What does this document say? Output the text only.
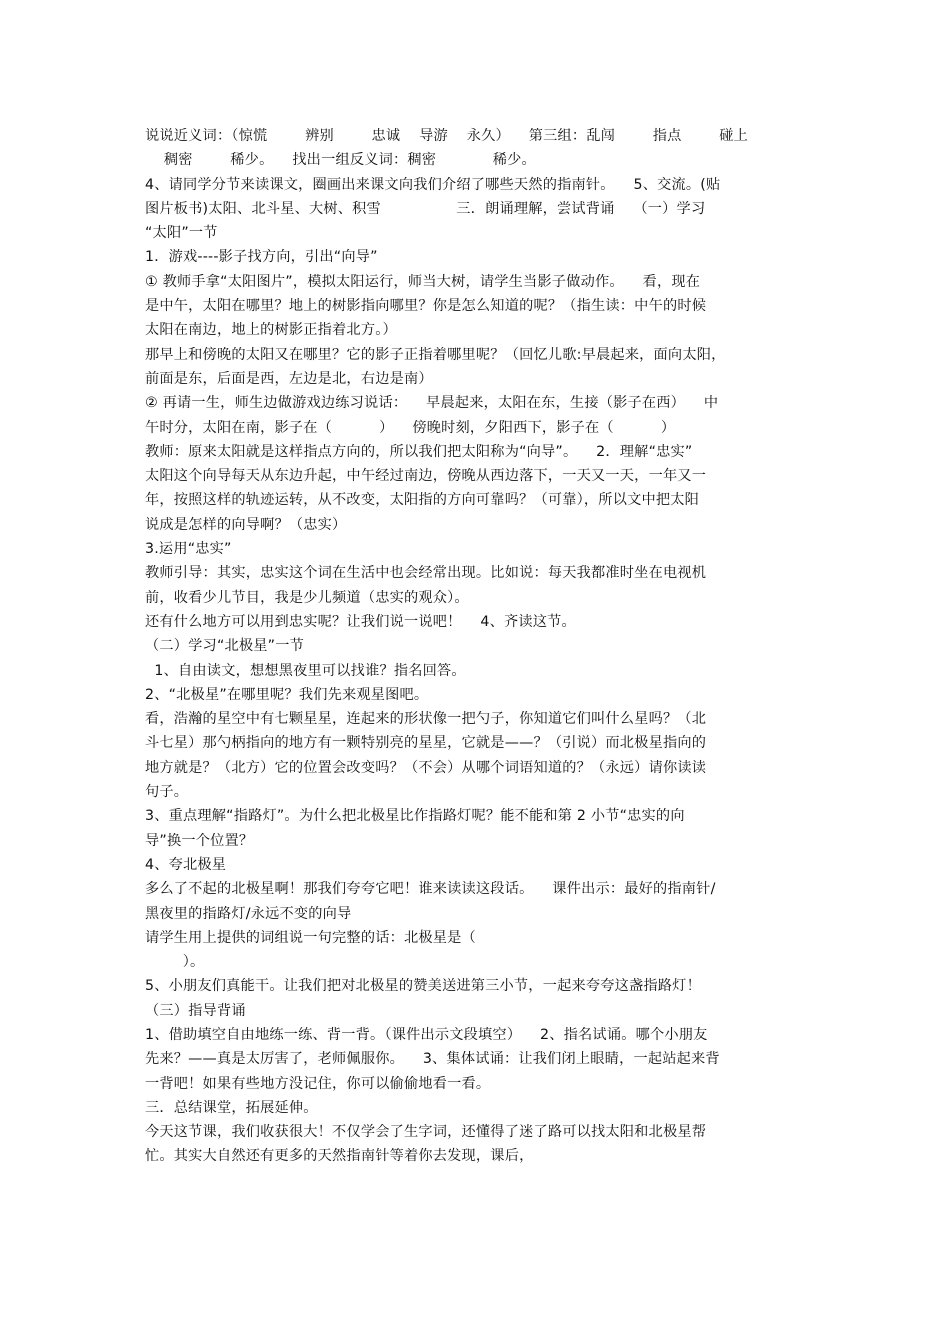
说说近义词：（惊慌        辨别        忠诚    导游    永久）    第三组：乱闯        指点        碰上

稠密        稀少。    找出一组反义词：稠密            稀少。

4、请同学分节来读课文，圈画出来课文向我们介绍了哪些天然的指南针。    5、交流。(贴

图片板书)太阳、北斗星、大树、积雪                三．朗诵理解，尝试背诵    （一）学习

“太阳”一节

1．游戏----影子找方向，引出“向导”

① 教师手拿“太阳图片”，模拟太阳运行，师当大树，请学生当影子做动作。    看，现在

是中午，太阳在哪里？地上的树影指向哪里？你是怎么知道的呢？（指生读：中午的时候

太阳在南边，地上的树影正指着北方。）

那早上和傍晚的太阳又在哪里？它的影子正指着哪里呢？（回忆儿歌:早晨起来，面向太阳，

前面是东，后面是西，左边是北，右边是南）

② 再请一生，师生边做游戏边练习说话：    早晨起来，太阳在东，生接（影子在西）    中

午时分，太阳在南，影子在（          ）    傍晚时刻，夕阳西下，影子在（          ）

教师：原来太阳就是这样指点方向的，所以我们把太阳称为“向导”。    2．理解“忠实”

太阳这个向导每天从东边升起，中午经过南边，傍晚从西边落下，一天又一天，一年又一

年，按照这样的轨迹运转，从不改变，太阳指的方向可靠吗？（可靠），所以文中把太阳

说成是怎样的向导啊？（忠实）

3.运用“忠实”

教师引导：其实，忠实这个词在生活中也会经常出现。比如说：每天我都准时坐在电视机

前，收看少儿节目，我是少儿频道（忠实的观众）。

还有什么地方可以用到忠实呢？让我们说一说吧！    4、齐读这节。

（二）学习“北极星”一节

1、自由读文，想想黑夜里可以找谁？指名回答。

2、“北极星”在哪里呢？我们先来观星图吧。

看，浩瀚的星空中有七颗星星，连起来的形状像一把勺子，你知道它们叫什么星吗？（北

斗七星）那勺柄指向的地方有一颗特别亮的星星，它就是——？（引说）而北极星指向的

地方就是？（北方）它的位置会改变吗？（不会）从哪个词语知道的？（永远）请你读读

句子。

3、重点理解“指路灯”。为什么把北极星比作指路灯呢？能不能和第 2 小节“忠实的向

导”换一个位置？

4、夸北极星

多么了不起的北极星啊！那我们夸夸它吧！谁来读读这段话。    课件出示：最好的指南针/

黑夜里的指路灯/永远不变的向导

请学生用上提供的词组说一句完整的话：北极星是（

）。

5、小朋友们真能干。让我们把对北极星的赞美送进第三小节，一起来夸夸这盏指路灯！

（三）指导背诵

1、借助填空自由地练一练、背一背。（课件出示文段填空）    2、指名试诵。哪个小朋友

先来？——真是太厉害了，老师佩服你。    3、集体试诵：让我们闭上眼睛，一起站起来背

一背吧！如果有些地方没记住，你可以偷偷地看一看。

三．总结课堂，拓展延伸。

今天这节课，我们收获很大！不仅学会了生字词，还懂得了迷了路可以找太阳和北极星帮

忙。其实大自然还有更多的天然指南针等着你去发现，课后，
